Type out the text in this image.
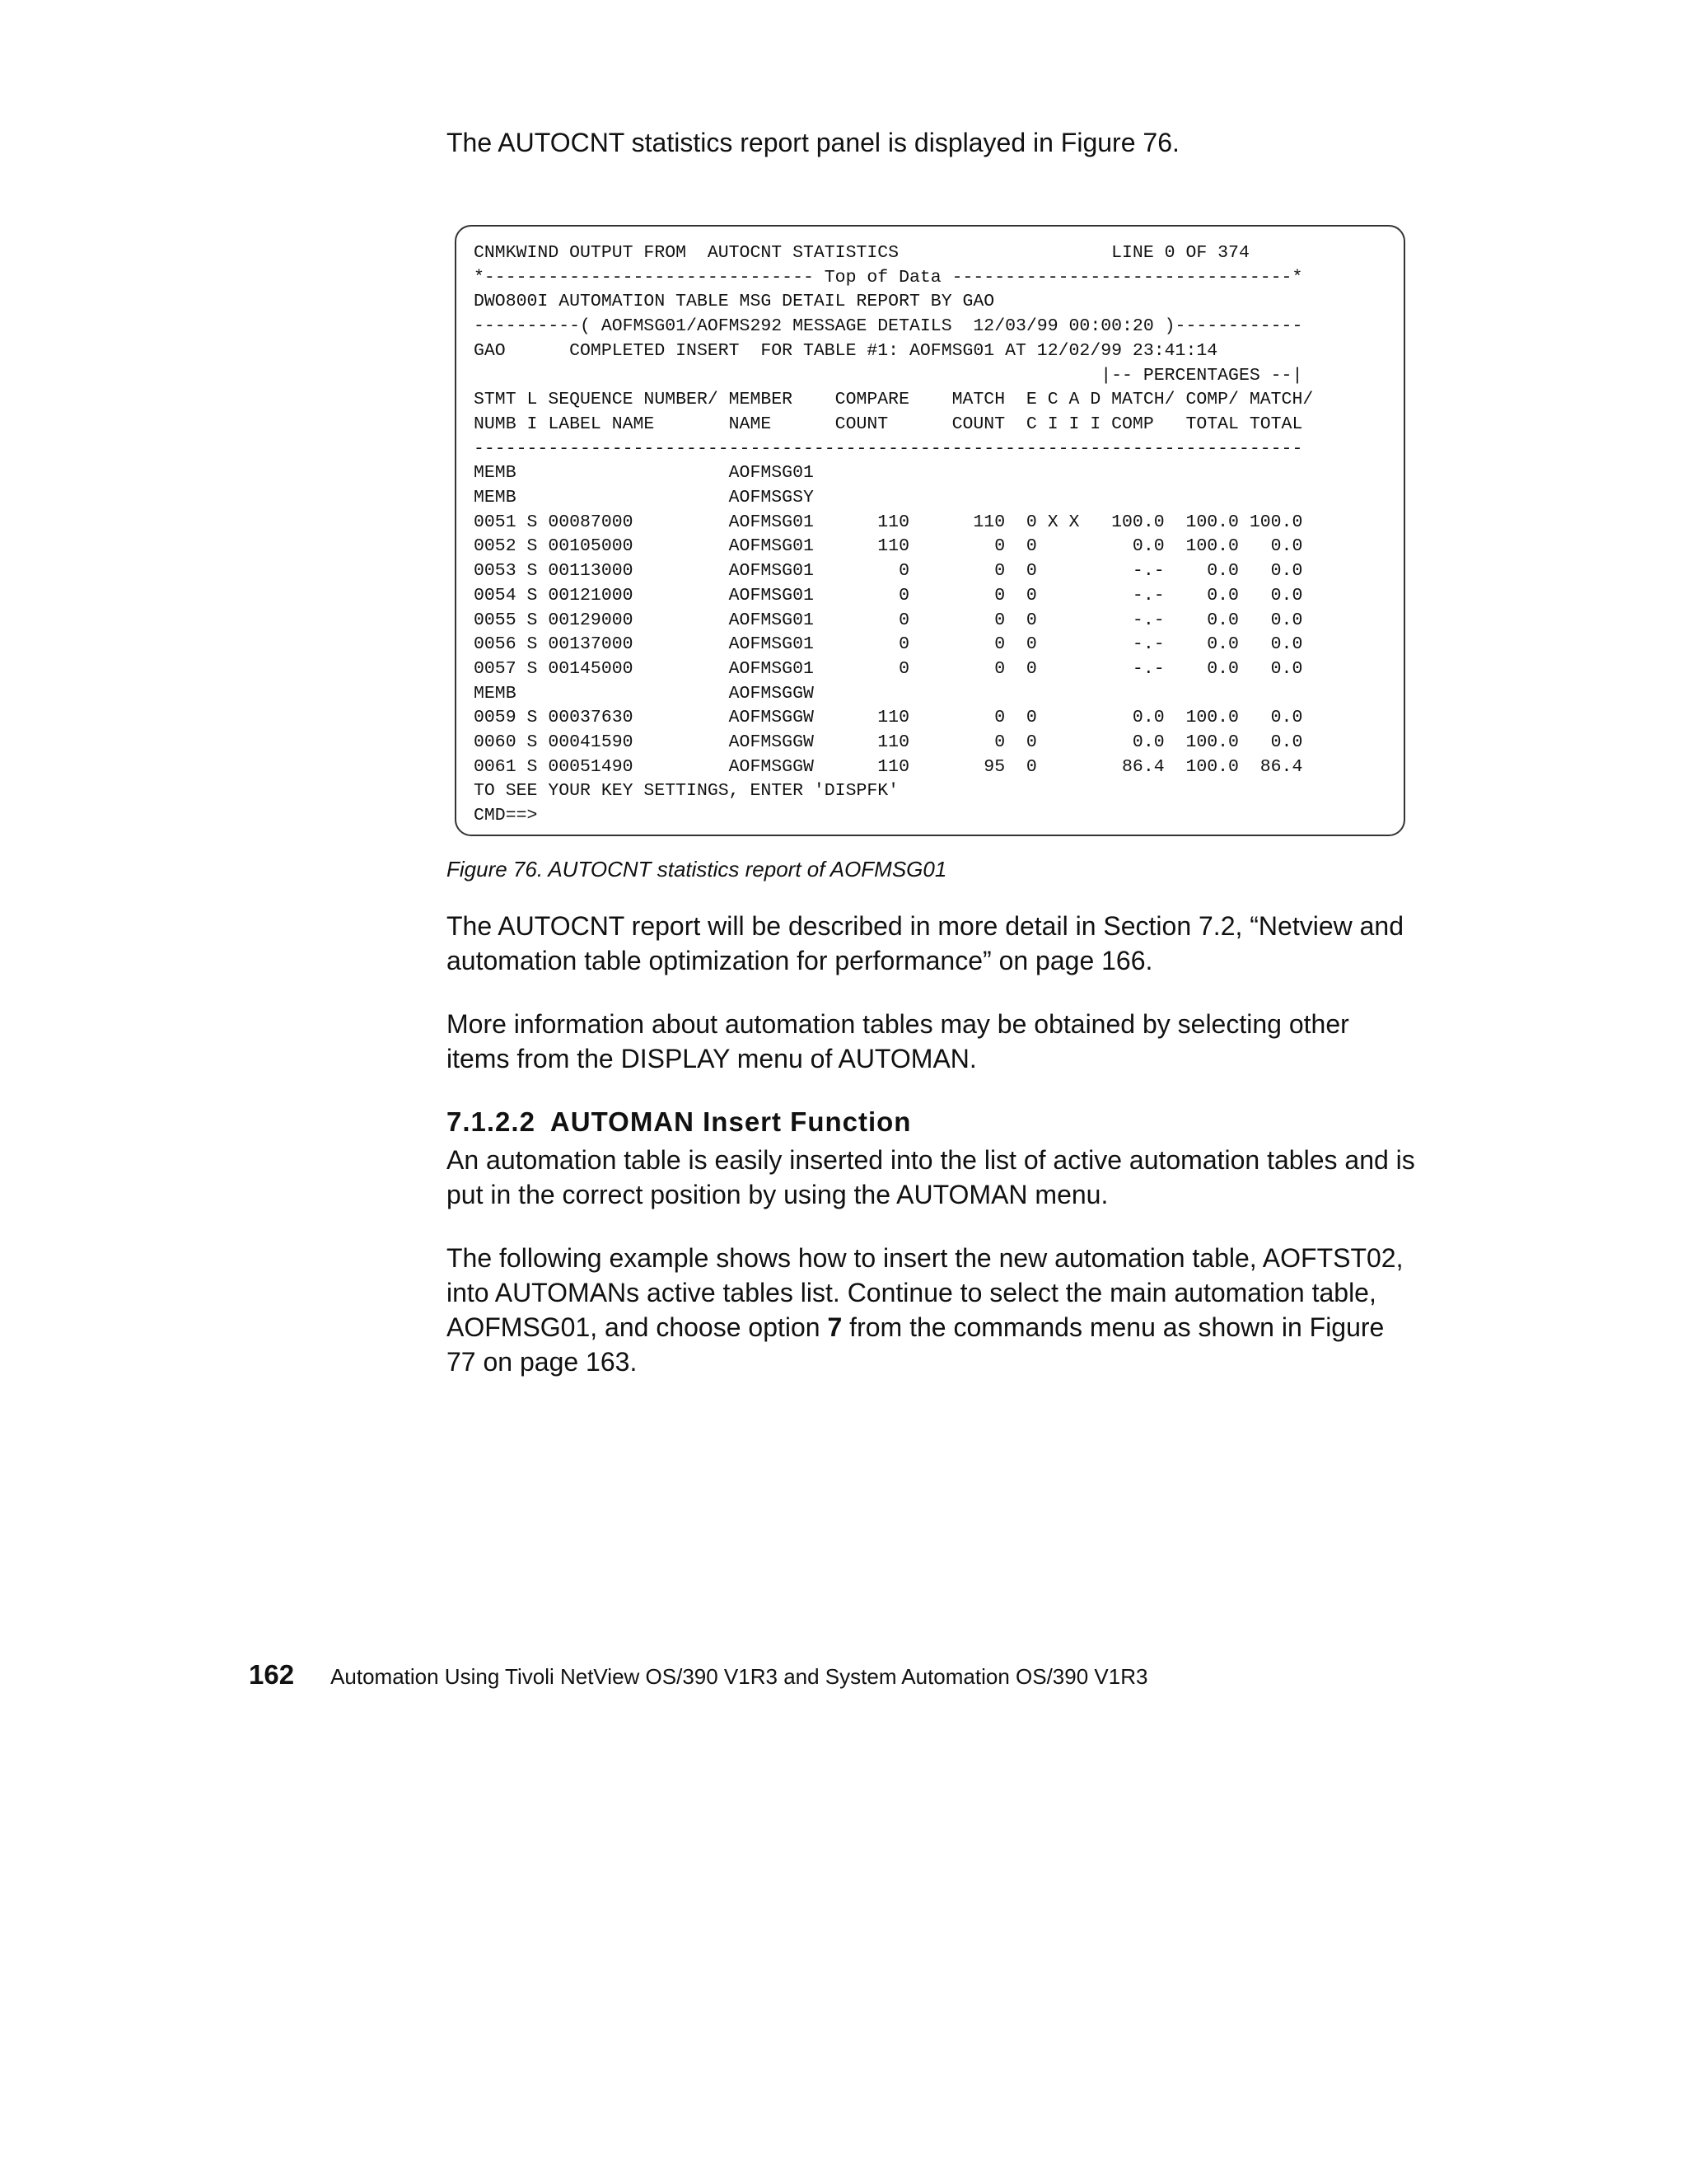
The AUTOCNT statistics report panel is displayed in Figure 76.

CNMKWIND OUTPUT FROM  AUTOCNT STATISTICS                    LINE 0 OF 374
*------------------------------- Top of Data --------------------------------*
DWO800I AUTOMATION TABLE MSG DETAIL REPORT BY GAO
----------( AOFMSG01/AOFMS292 MESSAGE DETAILS  12/03/99 00:00:20 )------------
GAO      COMPLETED INSERT  FOR TABLE #1: AOFMSG01 AT 12/02/99 23:41:14
|-- PERCENTAGES --|
STMT L SEQUENCE NUMBER/ MEMBER    COMPARE    MATCH  E C A D MATCH/ COMP/ MATCH/
NUMB I LABEL NAME       NAME      COUNT      COUNT  C I I I COMP   TOTAL TOTAL
------------------------------------------------------------------------------
MEMB                    AOFMSG01
MEMB                    AOFMSGSY
0051 S 00087000         AOFMSG01      110      110  0 X X   100.0  100.0 100.0
0052 S 00105000         AOFMSG01      110        0  0         0.0  100.0   0.0
0053 S 00113000         AOFMSG01        0        0  0         -.-    0.0   0.0
0054 S 00121000         AOFMSG01        0        0  0         -.-    0.0   0.0
0055 S 00129000         AOFMSG01        0        0  0         -.-    0.0   0.0
0056 S 00137000         AOFMSG01        0        0  0         -.-    0.0   0.0
0057 S 00145000         AOFMSG01        0        0  0         -.-    0.0   0.0
MEMB                    AOFMSGGW
0059 S 00037630         AOFMSGGW      110        0  0         0.0  100.0   0.0
0060 S 00041590         AOFMSGGW      110        0  0         0.0  100.0   0.0
0061 S 00051490         AOFMSGGW      110       95  0        86.4  100.0  86.4
TO SEE YOUR KEY SETTINGS, ENTER 'DISPFK'
CMD==>

Figure 76. AUTOCNT statistics report of AOFMSG01

The AUTOCNT report will be described in more detail in Section 7.2, “Netview and automation table optimization for performance” on page 166.

More information about automation tables may be obtained by selecting other items from the DISPLAY menu of AUTOMAN.

7.1.2.2 AUTOMAN Insert Function

An automation table is easily inserted into the list of active automation tables and is put in the correct position by using the AUTOMAN menu.

The following example shows how to insert the new automation table, AOFTST02, into AUTOMANs active tables list. Continue to select the main automation table, AOFMSG01, and choose option 7 from the commands menu as shown in Figure 77 on page 163.

162 Automation Using Tivoli NetView OS/390 V1R3 and System Automation OS/390 V1R3
